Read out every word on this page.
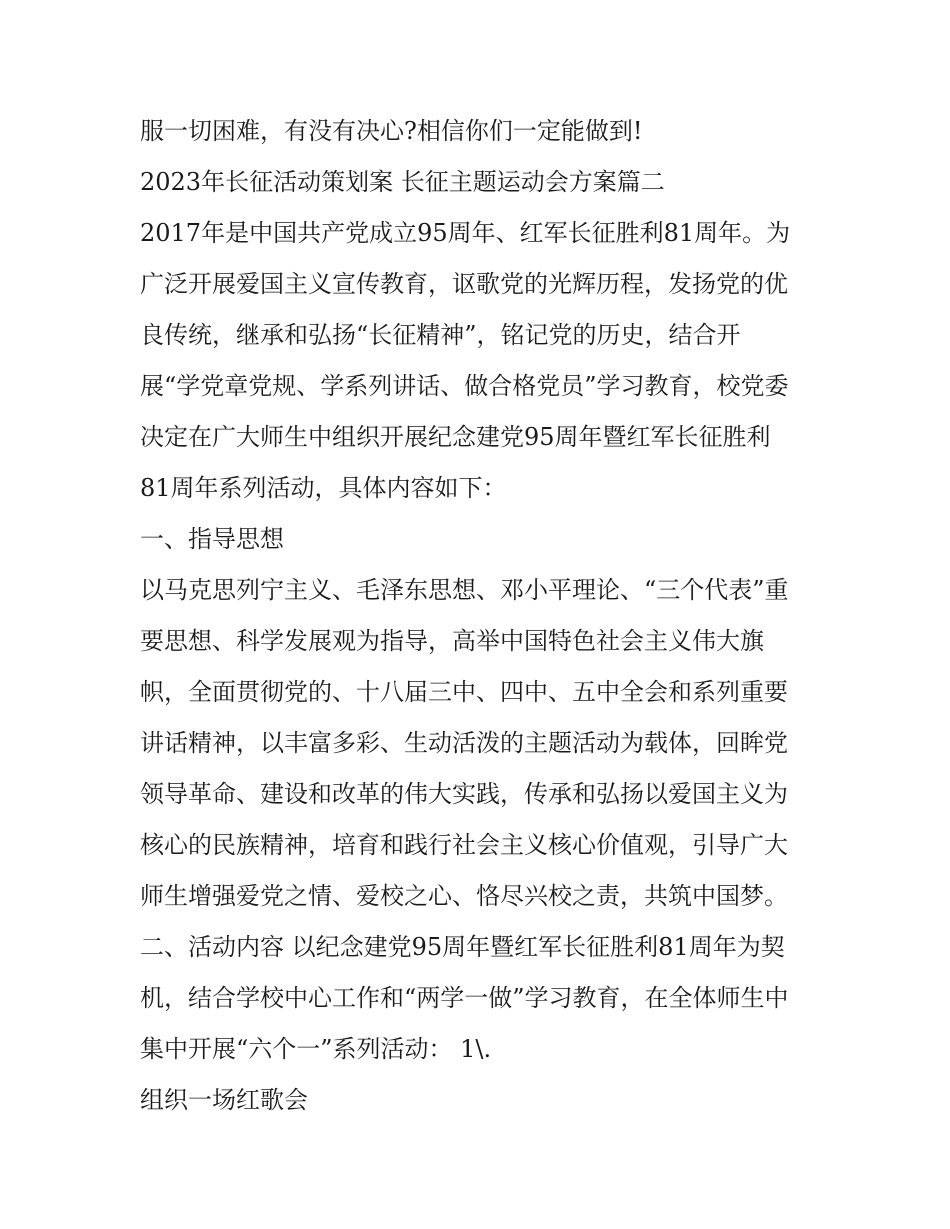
服一切困难，有没有决心?相信你们一定能做到!
2023年长征活动策划案 长征主题运动会方案篇二
2017年是中国共产党成立95周年、红军长征胜利81周年。为
广泛开展爱国主义宣传教育，讴歌党的光辉历程，发扬党的优
良传统，继承和弘扬“长征精神”，铭记党的历史，结合开
展“学党章党规、学系列讲话、做合格党员”学习教育，校党委
决定在广大师生中组织开展纪念建党95周年暨红军长征胜利
81周年系列活动，具体内容如下：
一、指导思想
以马克思列宁主义、毛泽东思想、邓小平理论、“三个代表”重
要思想、科学发展观为指导，高举中国特色社会主义伟大旗
帜，全面贯彻党的、十八届三中、四中、五中全会和系列重要
讲话精神，以丰富多彩、生动活泼的主题活动为载体，回眸党
领导革命、建设和改革的伟大实践，传承和弘扬以爱国主义为
核心的民族精神，培育和践行社会主义核心价值观，引导广大
师生增强爱党之情、爱校之心、恪尽兴校之责，共筑中国梦。
二、活动内容 以纪念建党95周年暨红军长征胜利81周年为契
机，结合学校中心工作和“两学一做”学习教育，在全体师生中
集中开展“六个一”系列活动： 1\.
组织一场红歌会
